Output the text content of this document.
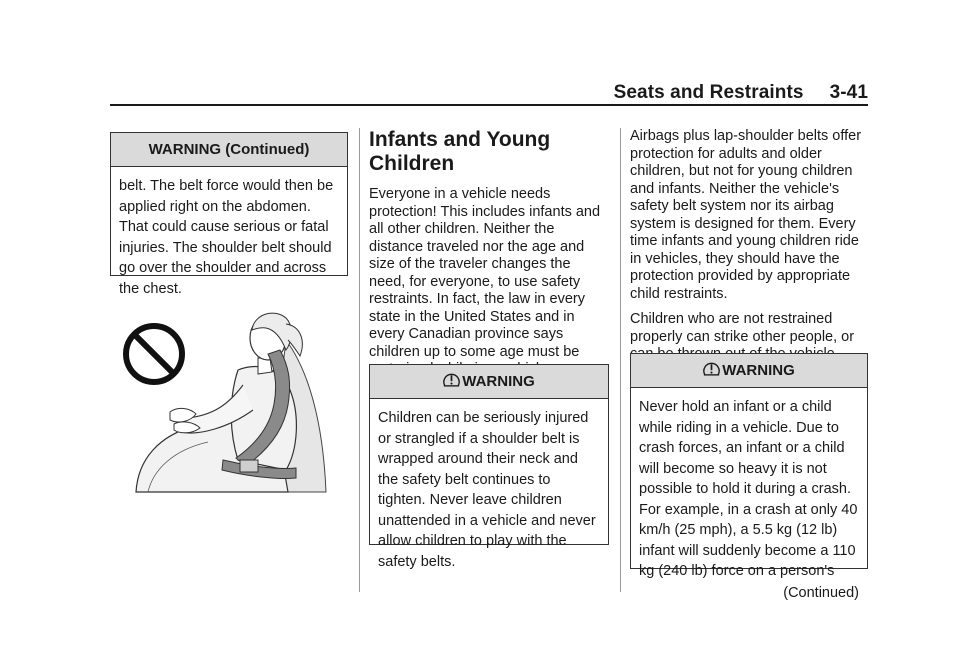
Seats and Restraints 3-41
WARNING (Continued)
belt. The belt force would then be applied right on the abdomen. That could cause serious or fatal injuries. The shoulder belt should go over the shoulder and across the chest.
Infants and Young Children

Everyone in a vehicle needs protection! This includes infants and all other children. Neither the distance traveled nor the age and size of the traveler changes the need, for everyone, to use safety restraints. In fact, the law in every state in the United States and in every Canadian province says children up to some age must be

WARNING
Children can be seriously injured or strangled if a shoulder belt is wrapped around their neck and the safety belt continues to tighten. Never leave children unattended in a vehicle and never allow children to play with the safety belts.

Airbags plus lap-shoulder belts offer protection for adults and older children, but not for young children and infants. Neither the vehicle's safety belt system nor its airbag system is designed for them. Every time infants and young children ride in vehicles, they should have the protection provided by appropriate child restraints.

Children who are not restrained properly can strike other people, or

WARNING
Never hold an infant or a child while riding in a vehicle. Due to crash forces, an infant or a child will become so heavy it is not possible to hold it during a crash. For example, in a crash at only 40 km/h (25 mph), a 5.5 kg (12 lb) infant will suddenly become a 110 kg (240 lb) force on a person's
(Continued)
